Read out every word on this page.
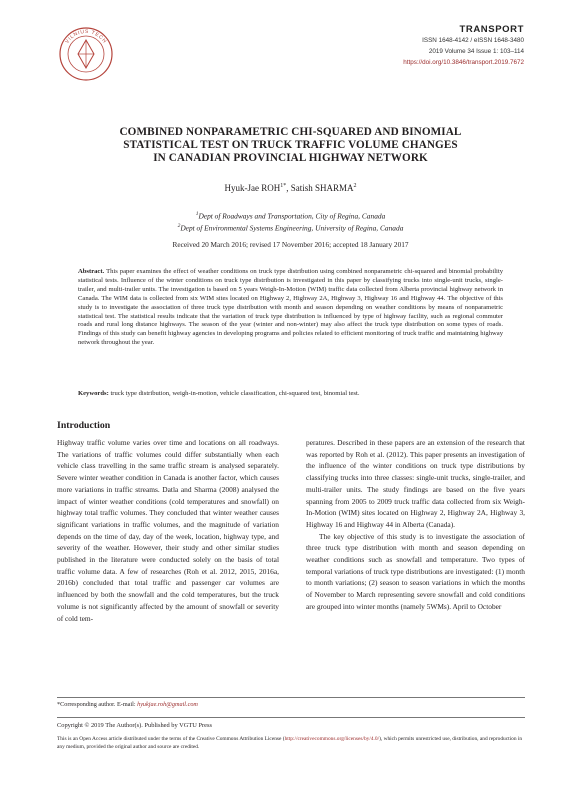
VILNIUS TECH
TRANSPORT
ISSN 1648-4142 / eISSN 1648-3480
2019 Volume 34 Issue 1: 103–114
https://doi.org/10.3846/transport.2019.7672
COMBINED NONPARAMETRIC CHI-SQUARED AND BINOMIAL
STATISTICAL TEST ON TRUCK TRAFFIC VOLUME CHANGES
IN CANADIAN PROVINCIAL HIGHWAY NETWORK
Hyuk-Jae $ROH^{1*}$, Satish SHARMA$^2$
$^1$Dept of Roadways and Transportation, City of Regina, Canada
$^2$Dept of Environmental Systems Engineering, University of Regina, Canada
Received 20 March 2016; revised 17 November 2016; accepted 18 January 2017
Abstract. This paper examines the effect of weather conditions on truck type distribution using combined nonparametric chi-squared and binomial probability statistical tests. Influence of the winter conditions on truck type distribution is investigated in this paper by classifying trucks into single-unit trucks, single-trailer, and multi-trailer units. The investigation is based on 5 years Weigh-In-Motion (WIM) traffic data collected from Alberta provincial highway network in Canada. The WIM data is collected from six WIM sites located on Highway 2, Highway 2A, Highway 3, Highway 16 and Highway 44. The objective of this study is to investigate the association of three truck type distribution with month and season depending on weather conditions by means of nonparametric statistical test. The statistical results indicate that the variation of truck type distribution is influenced by type of highway facility, such as regional commuter roads and rural long distance highways. The season of the year (winter and non-winter) may also affect the truck type distribution on some types of roads. Findings of this study can benefit highway agencies in developing programs and policies related to efficient monitoring of truck traffic and maintaining highway network throughout the year.
Keywords: truck type distribution, weigh-in-motion, vehicle classification, chi-squared test, binomial test.
Introduction

Highway traffic volume varies over time and locations on all roadways. The variations of traffic volumes could differ substantially when each vehicle class travelling in the same traffic stream is analysed separately. Severe winter weather condition in Canada is another factor, which causes more variations in traffic streams. Datla and Sharma (2008) analysed the impact of winter weather conditions (cold temperatures and snowfall) on highway total traffic volumes. They concluded that winter weather causes significant variations in traffic volumes, and the magnitude of variation depends on the time of day, day of the week, location, highway type, and severity of the weather. However, their study and other similar studies published in the literature were conducted solely on the basis of total traffic volume data. A few of researches (Roh et al. 2012, 2015, 2016a, 2016b) concluded that total traffic and passenger car volumes are influenced by both the snowfall and the cold temperatures, but the truck volume is not significantly affected by the amount of snowfall or severity of cold tem-

peratures. Described in these papers are an extension of the research that was reported by Roh et al. (2012). This paper presents an investigation of the influence of the winter conditions on truck type distributions by classifying trucks into three classes: single-unit trucks, single-trailer, and multi-trailer units. The study findings are based on the five years spanning from 2005 to 2009 truck traffic data collected from six Weigh-In-Motion (WIM) sites located on Highway 2, Highway 2A, Highway 3, Highway 16 and Highway 44 in Alberta (Canada).

The key objective of this study is to investigate the association of three truck type distribution with month and season depending on weather conditions such as snowfall and temperature. Two types of temporal variations of truck type distributions are investigated: (1) month to month variations; (2) season to season variations in which the months of November to March representing severe snowfall and cold conditions are grouped into winter months (namely 5WMs). April to October

*Corresponding author. E-mail: hyukjae.roh@gmail.com
Copyright © 2019 The Author(s). Published by VGTU Press
This is an Open Access article distributed under the terms of the Creative Commons Attribution License (http://creativecommons.org/licenses/by/4.0/), which permits unrestricted use, distribution, and reproduction in any medium, provided the original author and source are credited.
